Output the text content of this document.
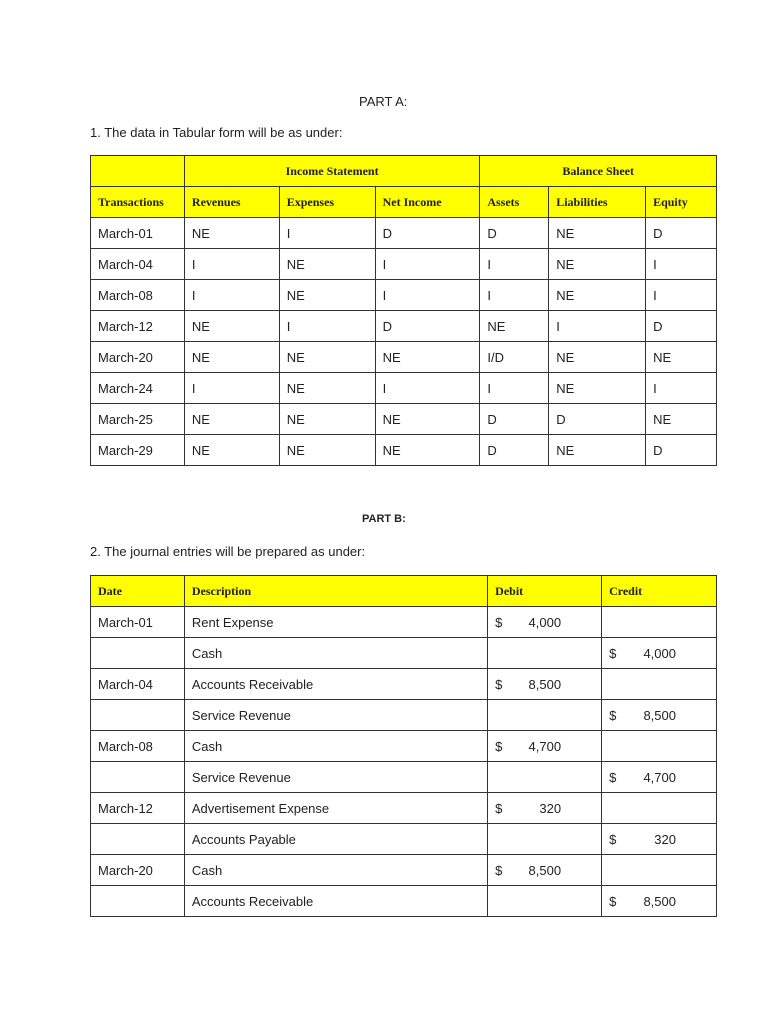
PART A:
1. The data in Tabular form will be as under:
	Income Statement			Balance Sheet		
Transactions	Revenues	Expenses	Net Income	Assets	Liabilities	Equity
March-01	NE	I	D	D	NE	D
March-04	I	NE	I	I	NE	I
March-08	I	NE	I	I	NE	I
March-12	NE	I	D	NE	I	D
March-20	NE	NE	NE	I/D	NE	NE
March-24	I	NE	I	I	NE	I
March-25	NE	NE	NE	D	D	NE
March-29	NE	NE	NE	D	NE	D
PART B:
2. The journal entries will be prepared as under:
Date	Description	Debit	Credit
March-01	Rent Expense	$ 4,000	

	Cash		$ 4,000

March-04	Accounts Receivable	$ 8,500	

	Service Revenue		$ 8,500

March-08	Cash	$ 4,700	

	Service Revenue		$ 4,700

March-12	Advertisement Expense	$ 320	

	Accounts Payable		$ 320

March-20	Cash	$ 8,500	

	Accounts Receivable		$ 8,500
